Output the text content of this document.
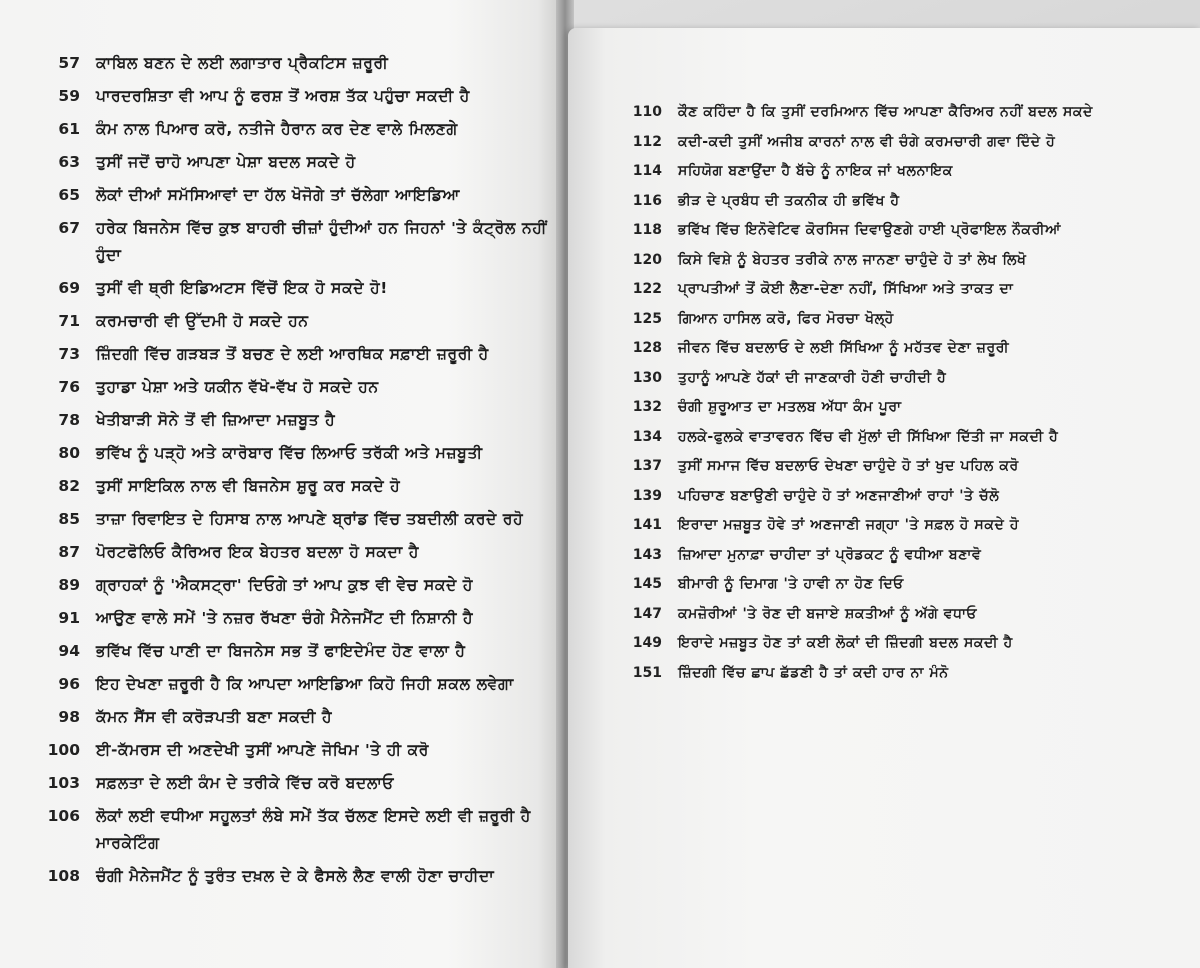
57	ਕਾਬਿਲ ਬਣਨ ਦੇ ਲਈ ਲਗਾਤਾਰ ਪ੍ਰੈਕਟਿਸ ਜ਼ਰੂਰੀ
59	ਪਾਰਦਰਸ਼ਿਤਾ ਵੀ ਆਪ ਨੂੰ ਫਰਸ਼ ਤੋਂ ਅਰਸ਼ ਤੱਕ ਪਹੁੰਚਾ ਸਕਦੀ ਹੈ
61	ਕੰਮ ਨਾਲ ਪਿਆਰ ਕਰੋ, ਨਤੀਜੇ ਹੈਰਾਨ ਕਰ ਦੇਣ ਵਾਲੇ ਮਿਲਣਗੇ
63	ਤੁਸੀਂ ਜਦੋਂ ਚਾਹੋ ਆਪਣਾ ਪੇਸ਼ਾ ਬਦਲ ਸਕਦੇ ਹੋ
65	ਲੋਕਾਂ ਦੀਆਂ ਸਮੱਸਿਆਵਾਂ ਦਾ ਹੱਲ ਖੋਜੋਗੇ ਤਾਂ ਚੱਲੇਗਾ ਆਇਡਿਆ
67	ਹਰੇਕ ਬਿਜਨੇਸ ਵਿੱਚ ਕੁਝ ਬਾਹਰੀ ਚੀਜ਼ਾਂ ਹੁੰਦੀਆਂ ਹਨ ਜਿਹਨਾਂ 'ਤੇ ਕੰਟ੍ਰੋਲ ਨਹੀਂ ਹੁੰਦਾ
69	ਤੁਸੀਂ ਵੀ ਥ੍ਰੀ ਇਡਿਅਟਸ ਵਿੱਚੋਂ ਇਕ ਹੋ ਸਕਦੇ ਹੋ!
71	ਕਰਮਚਾਰੀ ਵੀ ਉੱਦਮੀ ਹੋ ਸਕਦੇ ਹਨ
73	ਜ਼ਿੰਦਗੀ ਵਿੱਚ ਗੜਬੜ ਤੋਂ ਬਚਣ ਦੇ ਲਈ ਆਰਥਿਕ ਸਫ਼ਾਈ ਜ਼ਰੂਰੀ ਹੈ
76	ਤੁਹਾਡਾ ਪੇਸ਼ਾ ਅਤੇ ਯਕੀਨ ਵੱਖੋ-ਵੱਖ ਹੋ ਸਕਦੇ ਹਨ
78	ਖੇਤੀਬਾੜੀ ਸੋਨੇ ਤੋਂ ਵੀ ਜ਼ਿਆਦਾ ਮਜ਼ਬੂਤ ਹੈ
80	ਭਵਿੱਖ ਨੂੰ ਪੜ੍ਹੋ ਅਤੇ ਕਾਰੋਬਾਰ ਵਿੱਚ ਲਿਆਓ ਤਰੱਕੀ ਅਤੇ ਮਜ਼ਬੂਤੀ
82	ਤੁਸੀਂ ਸਾਇਕਿਲ ਨਾਲ ਵੀ ਬਿਜਨੇਸ ਸ਼ੁਰੂ ਕਰ ਸਕਦੇ ਹੋ
85	ਤਾਜ਼ਾ ਰਿਵਾਇਤ ਦੇ ਹਿਸਾਬ ਨਾਲ ਆਪਣੇ ਬ੍ਰਾਂਡ ਵਿੱਚ ਤਬਦੀਲੀ ਕਰਦੇ ਰਹੋ
87	ਪੋਰਟਫੋਲਿਓ ਕੈਰਿਅਰ ਇਕ ਬੇਹਤਰ ਬਦਲਾ ਹੋ ਸਕਦਾ ਹੈ
89	ਗ੍ਰਾਹਕਾਂ ਨੂੰ 'ਐਕਸਟ੍ਰਾ' ਦਿਓਗੇ ਤਾਂ ਆਪ ਕੁਝ ਵੀ ਵੇਚ ਸਕਦੇ ਹੋ
91	ਆਉਣ ਵਾਲੇ ਸਮੇਂ 'ਤੇ ਨਜ਼ਰ ਰੱਖਣਾ ਚੰਗੇ ਮੈਨੇਜਮੈਂਟ ਦੀ ਨਿਸ਼ਾਨੀ ਹੈ
94	ਭਵਿੱਖ ਵਿੱਚ ਪਾਣੀ ਦਾ ਬਿਜਨੇਸ ਸਭ ਤੋਂ ਫਾਇਦੇਮੰਦ ਹੋਣ ਵਾਲਾ ਹੈ
96	ਇਹ ਦੇਖਣਾ ਜ਼ਰੂਰੀ ਹੈ ਕਿ ਆਪਦਾ ਆਇਡਿਆ ਕਿਹੋ ਜਿਹੀ ਸ਼ਕਲ ਲਵੇਗਾ
98	ਕੱਮਨ ਸੈਂਸ ਵੀ ਕਰੋੜਪਤੀ ਬਣਾ ਸਕਦੀ ਹੈ
100	ਈ-ਕੱਮਰਸ ਦੀ ਅਣਦੇਖੀ ਤੁਸੀਂ ਆਪਣੇ ਜੋਖਿਮ 'ਤੇ ਹੀ ਕਰੋ
103	ਸਫ਼ਲਤਾ ਦੇ ਲਈ ਕੰਮ ਦੇ ਤਰੀਕੇ ਵਿੱਚ ਕਰੋ ਬਦਲਾਓ
106	ਲੋਕਾਂ ਲਈ ਵਧੀਆ ਸਹੂਲਤਾਂ ਲੰਬੇ ਸਮੇਂ ਤੱਕ ਚੱਲਣ ਇਸਦੇ ਲਈ ਵੀ ਜ਼ਰੂਰੀ ਹੈ ਮਾਰਕੇਟਿੰਗ
108	ਚੰਗੀ ਮੈਨੇਜਮੈਂਟ ਨੂੰ ਤੁਰੰਤ ਦਖ਼ਲ ਦੇ ਕੇ ਫੈਸਲੇ ਲੈਣ ਵਾਲੀ ਹੋਣਾ ਚਾਹੀਦਾ
110	ਕੌਣ ਕਹਿੰਦਾ ਹੈ ਕਿ ਤੁਸੀਂ ਦਰਮਿਆਨ ਵਿੱਚ ਆਪਣਾ ਕੈਰਿਅਰ ਨਹੀਂ ਬਦਲ ਸਕਦੇ
112	ਕਦੀ-ਕਦੀ ਤੁਸੀਂ ਅਜੀਬ ਕਾਰਨਾਂ ਨਾਲ ਵੀ ਚੰਗੇ ਕਰਮਚਾਰੀ ਗਵਾ ਦਿੰਦੇ ਹੋ
114	ਸਹਿਯੋਗ ਬਣਾਉਂਦਾ ਹੈ ਬੱਚੇ ਨੂੰ ਨਾਇਕ ਜਾਂ ਖਲਨਾਇਕ
116	ਭੀੜ ਦੇ ਪ੍ਰਬੰਧ ਦੀ ਤਕਨੀਕ ਹੀ ਭਵਿੱਖ ਹੈ
118	ਭਵਿੱਖ ਵਿੱਚ ਇਨੋਵੇਟਿਵ ਕੋਰਸਿਜ ਦਿਵਾਉਣਗੇ ਹਾਈ ਪ੍ਰੋਫਾਇਲ ਨੌਕਰੀਆਂ
120	ਕਿਸੇ ਵਿਸ਼ੇ ਨੂੰ ਬੇਹਤਰ ਤਰੀਕੇ ਨਾਲ ਜਾਨਣਾ ਚਾਹੁੰਦੇ ਹੋ ਤਾਂ ਲੇਖ ਲਿਖੋ
122	ਪ੍ਰਾਪਤੀਆਂ ਤੋਂ ਕੋਈ ਲੈਣਾ-ਦੇਣਾ ਨਹੀਂ, ਸਿੱਖਿਆ ਅਤੇ ਤਾਕਤ ਦਾ
125	ਗਿਆਨ ਹਾਸਿਲ ਕਰੋ, ਫਿਰ ਮੋਰਚਾ ਖੋਲ੍ਹੋ
128	ਜੀਵਨ ਵਿੱਚ ਬਦਲਾਓ ਦੇ ਲਈ ਸਿੱਖਿਆ ਨੂੰ ਮਹੱਤਵ ਦੇਣਾ ਜ਼ਰੂਰੀ
130	ਤੁਹਾਨੂੰ ਆਪਣੇ ਹੱਕਾਂ ਦੀ ਜਾਣਕਾਰੀ ਹੋਣੀ ਚਾਹੀਦੀ ਹੈ
132	ਚੰਗੀ ਸ਼ੁਰੂਆਤ ਦਾ ਮਤਲਬ ਅੱਧਾ ਕੰਮ ਪੂਰਾ
134	ਹਲਕੇ-ਫੁਲਕੇ ਵਾਤਾਵਰਨ ਵਿੱਚ ਵੀ ਮੁੱਲਾਂ ਦੀ ਸਿੱਖਿਆ ਦਿੱਤੀ ਜਾ ਸਕਦੀ ਹੈ
137	ਤੁਸੀਂ ਸਮਾਜ ਵਿੱਚ ਬਦਲਾਓ ਦੇਖਣਾ ਚਾਹੁੰਦੇ ਹੋ ਤਾਂ ਖੁਦ ਪਹਿਲ ਕਰੋ
139	ਪਹਿਚਾਣ ਬਣਾਉਣੀ ਚਾਹੁੰਦੇ ਹੋ ਤਾਂ ਅਣਜਾਣੀਆਂ ਰਾਹਾਂ 'ਤੇ ਚੱਲੋ
141	ਇਰਾਦਾ ਮਜ਼ਬੂਤ ਹੋਵੇ ਤਾਂ ਅਣਜਾਣੀ ਜਗ੍ਹਾ 'ਤੇ ਸਫ਼ਲ ਹੋ ਸਕਦੇ ਹੋ
143	ਜ਼ਿਆਦਾ ਮੁਨਾਫ਼ਾ ਚਾਹੀਦਾ ਤਾਂ ਪ੍ਰੋਡਕਟ ਨੂੰ ਵਧੀਆ ਬਣਾਵੋ
145	ਬੀਮਾਰੀ ਨੂੰ ਦਿਮਾਗ 'ਤੇ ਹਾਵੀ ਨਾ ਹੋਣ ਦਿਓ
147	ਕਮਜ਼ੋਰੀਆਂ 'ਤੇ ਰੋਣ ਦੀ ਬਜਾਏ ਸ਼ਕਤੀਆਂ ਨੂੰ ਅੱਗੇ ਵਧਾਓ
149	ਇਰਾਦੇ ਮਜ਼ਬੂਤ ਹੋਣ ਤਾਂ ਕਈ ਲੋਕਾਂ ਦੀ ਜ਼ਿੰਦਗੀ ਬਦਲ ਸਕਦੀ ਹੈ
151	ਜ਼ਿੰਦਗੀ ਵਿੱਚ ਛਾਪ ਛੱਡਣੀ ਹੈ ਤਾਂ ਕਦੀ ਹਾਰ ਨਾ ਮੰਨੋ
